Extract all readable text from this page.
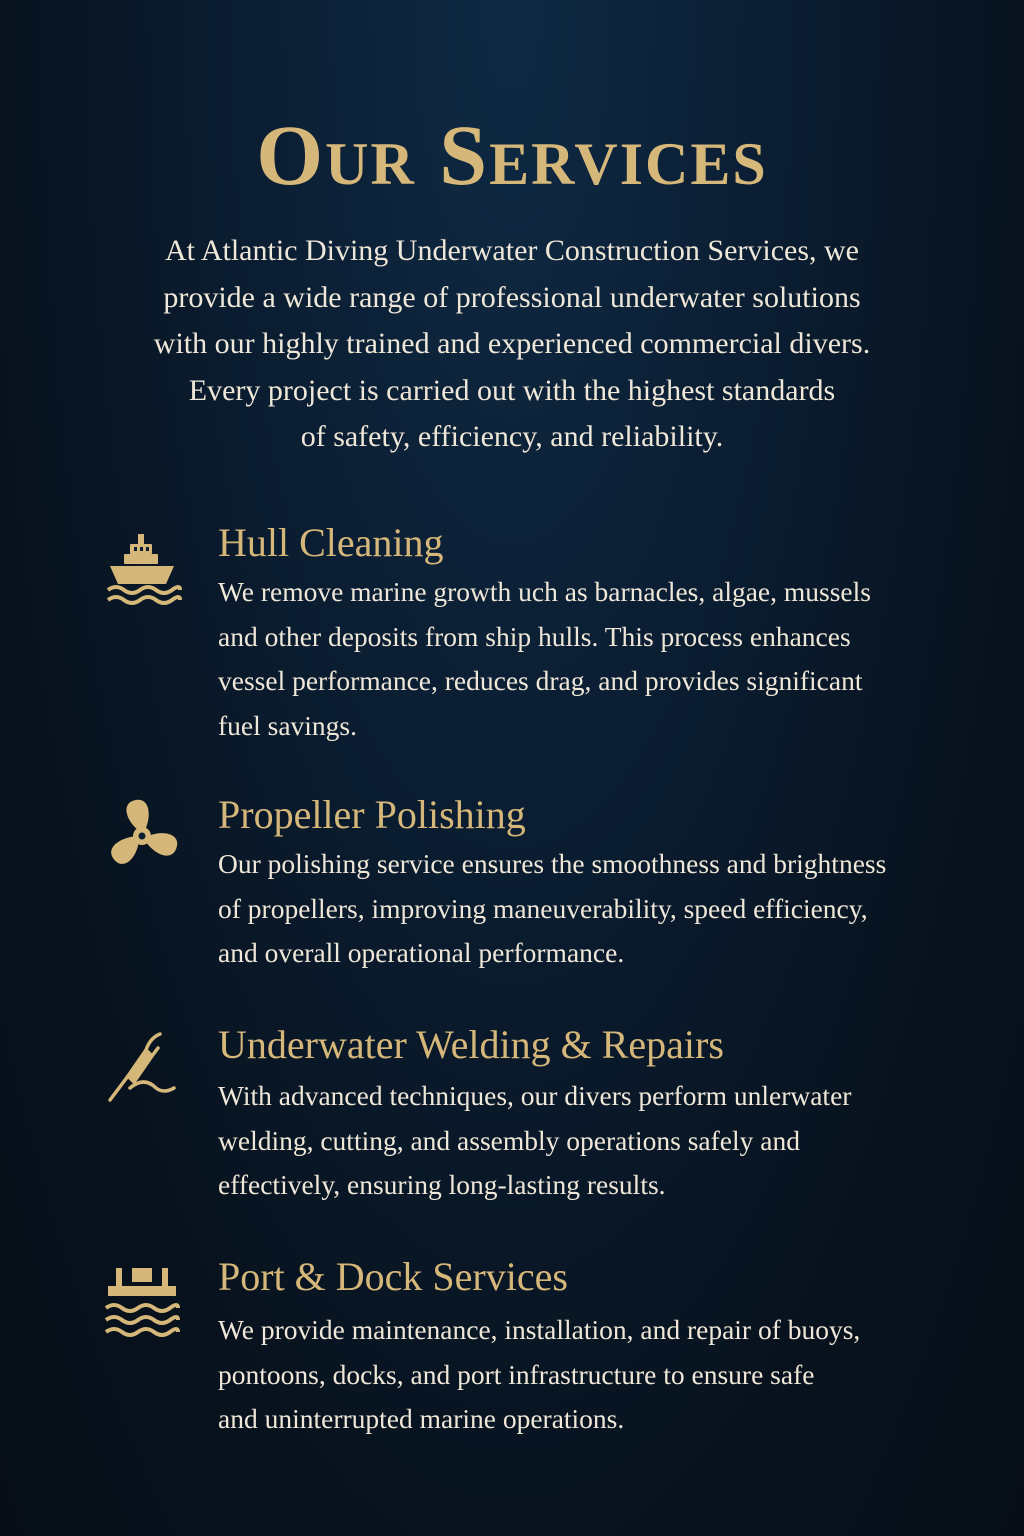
Our Services
At Atlantic Diving Underwater Construction Services, we
provide a wide range of professional underwater solutions
with our highly trained and experienced commercial divers.
Every project is carried out with the highest standards
of safety, efficiency, and reliability.
Hull Cleaning
We remove marine growth uch as barnacles, algae, mussels
and other deposits from ship hulls. This process enhances
vessel performance, reduces drag, and provides significant
fuel savings.
Propeller Polishing
Our polishing service ensures the smoothness and brightness
of propellers, improving maneuverability, speed efficiency,
and overall operational performance.
Underwater Welding & Repairs
With advanced techniques, our divers perform unlerwater
welding, cutting, and assembly operations safely and
effectively, ensuring long-lasting results.
Port & Dock Services
We provide maintenance, installation, and repair of buoys,
pontoons, docks, and port infrastructure to ensure safe
and uninterrupted marine operations.
